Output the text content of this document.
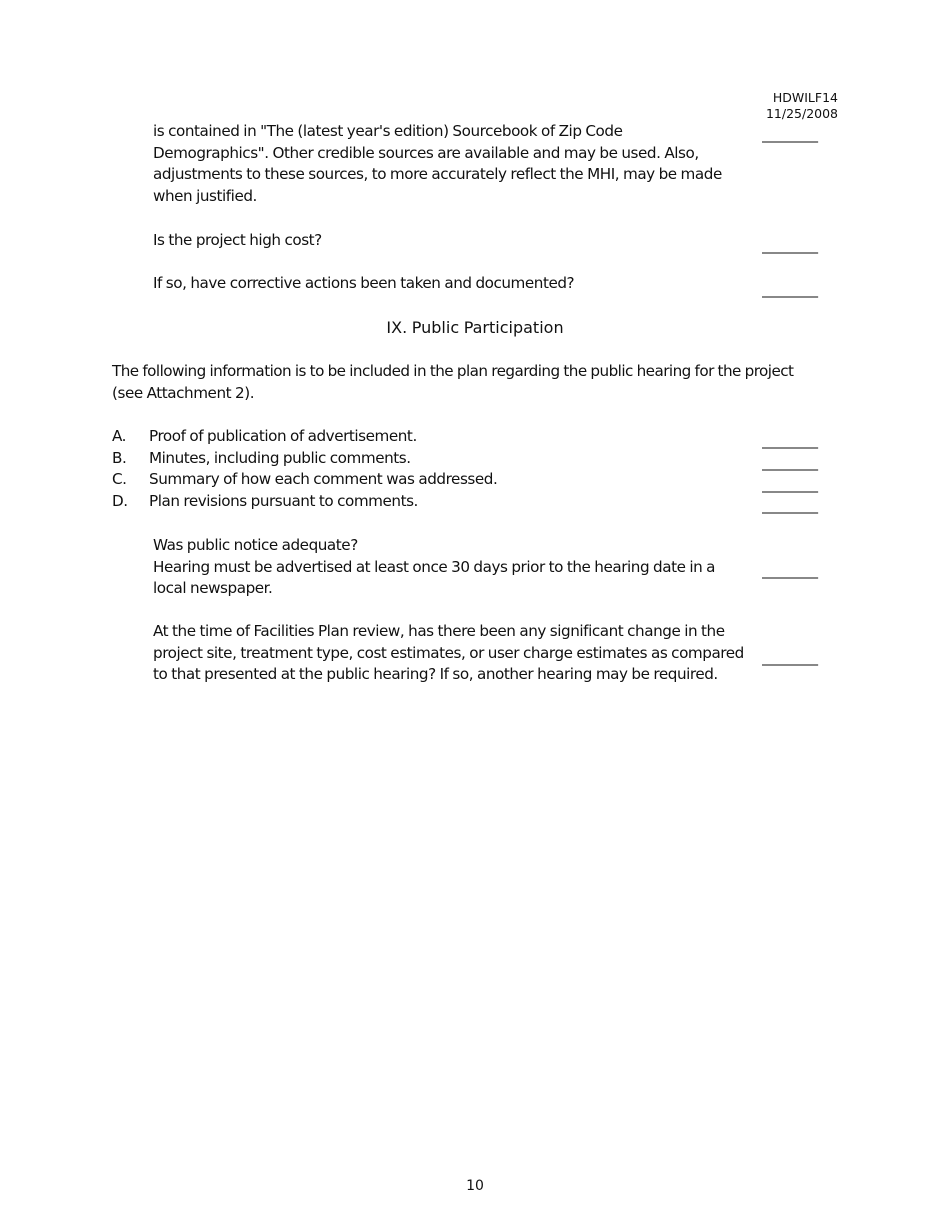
HDWILF14
11/25/2008
is contained in "The (latest year's edition) Sourcebook of Zip Code
Demographics". Other credible sources are available and may be used. Also,
adjustments to these sources, to more accurately reflect the MHI, may be made
when justified.
________
Is the project high cost?	________
If so, have corrective actions been taken and documented?	________
IX. Public Participation
The following information is to be included in the plan regarding the public hearing for the project
(see Attachment 2).
A. Proof of publication of advertisement.	________
B. Minutes, including public comments.	________
C. Summary of how each comment was addressed.	________
D. Plan revisions pursuant to comments.	________
Was public notice adequate?
Hearing must be advertised at least once 30 days prior to the hearing date in a
local newspaper.
________
At the time of Facilities Plan review, has there been any significant change in the
project site, treatment type, cost estimates, or user charge estimates as compared
to that presented at the public hearing? If so, another hearing may be required.
________
10
